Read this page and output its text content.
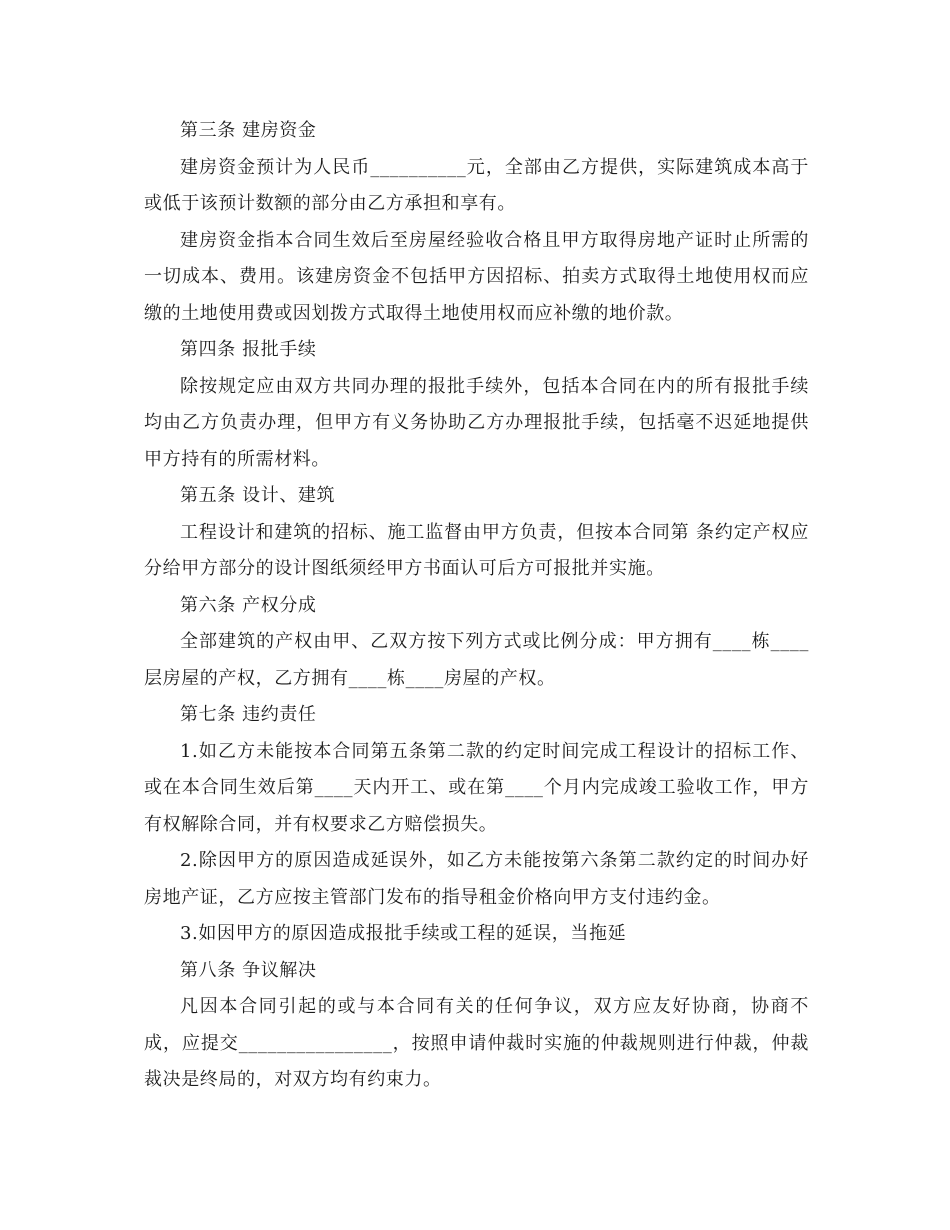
第三条 建房资金

建房资金预计为人民币__________元，全部由乙方提供，实际建筑成本高于或低于该预计数额的部分由乙方承担和享有。

建房资金指本合同生效后至房屋经验收合格且甲方取得房地产证时止所需的一切成本、费用。该建房资金不包括甲方因招标、拍卖方式取得土地使用权而应缴的土地使用费或因划拨方式取得土地使用权而应补缴的地价款。

第四条 报批手续

除按规定应由双方共同办理的报批手续外，包括本合同在内的所有报批手续均由乙方负责办理，但甲方有义务协助乙方办理报批手续，包括毫不迟延地提供甲方持有的所需材料。

第五条 设计、建筑

工程设计和建筑的招标、施工监督由甲方负责，但按本合同第 条约定产权应分给甲方部分的设计图纸须经甲方书面认可后方可报批并实施。

第六条 产权分成

全部建筑的产权由甲、乙双方按下列方式或比例分成：甲方拥有____栋____层房屋的产权，乙方拥有____栋____房屋的产权。

第七条 违约责任

1.如乙方未能按本合同第五条第二款的约定时间完成工程设计的招标工作、或在本合同生效后第____天内开工、或在第____个月内完成竣工验收工作，甲方有权解除合同，并有权要求乙方赔偿损失。

2.除因甲方的原因造成延误外，如乙方未能按第六条第二款约定的时间办好房地产证，乙方应按主管部门发布的指导租金价格向甲方支付违约金。

3.如因甲方的原因造成报批手续或工程的延误，当拖延

第八条 争议解决

凡因本合同引起的或与本合同有关的任何争议，双方应友好协商，协商不成，应提交________________，按照申请仲裁时实施的仲裁规则进行仲裁，仲裁裁决是终局的，对双方均有约束力。
